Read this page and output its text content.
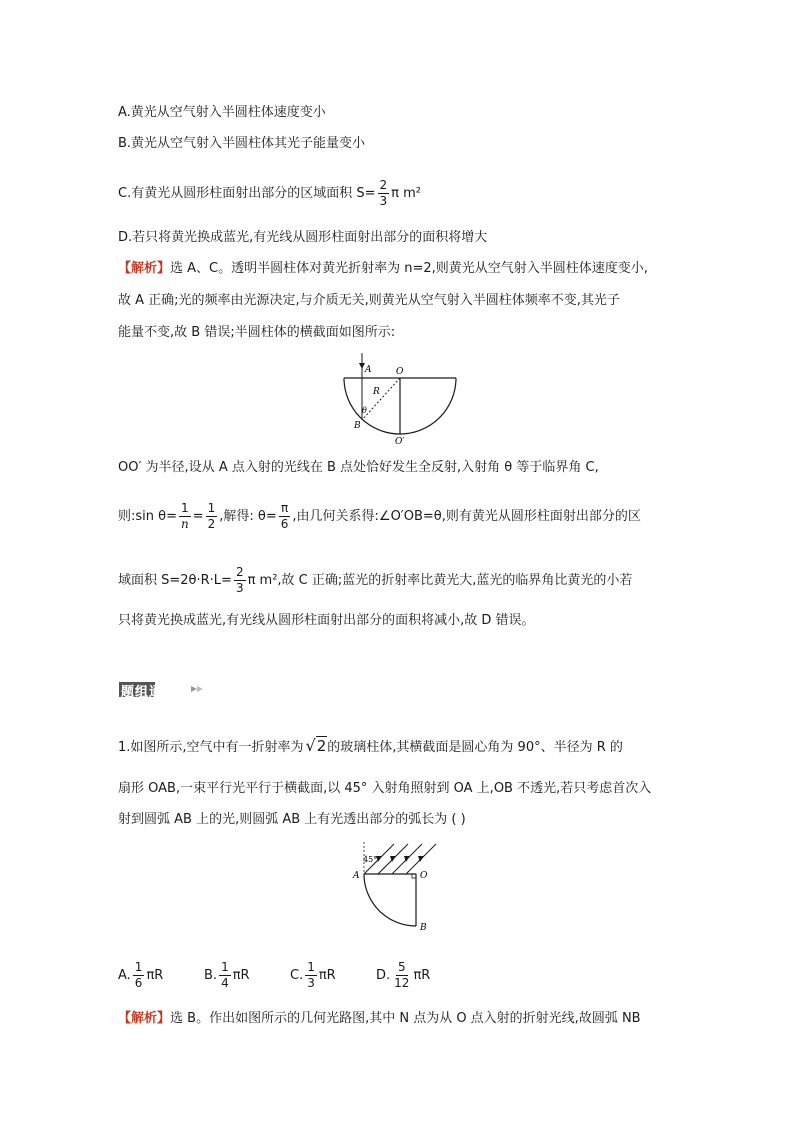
A.黄光从空气射入半圆柱体速度变小
B.黄光从空气射入半圆柱体其光子能量变小
C.有黄光从圆形柱面射出部分的区域面积 $S= \frac{2}{3}$ π m²
D.若只将黄光换成蓝光,有光线从圆形柱面射出部分的面积将增大
【解析】选 A、C。透明半圆柱体对黄光折射率为 n=2,则黄光从空气射入半圆柱体速度变小,
故 A 正确;光的频率由光源决定,与介质无关,则黄光从空气射入半圆柱体频率不变,其光子
能量不变,故 B 错误;半圆柱体的横截面如图所示:
A	O
R
θ
B
O′
OO′ 为半径,设从 A 点入射的光线在 B 点处恰好发生全反射,入射角 θ 等于临界角 C,
则:sin $\theta= \frac{1}{n} = \frac{1}{2}$ ,解得: $\theta= \frac{\pi}{6}$ ,由几何关系得:∠O′OB=θ,则有黄光从圆形柱面射出部分的区
域面积 $S=2\theta\cdot R\cdot L= \frac{2}{3}$ π m²,故 C 正确;蓝光的折射率比黄光大,蓝光的临界角比黄光的小若
只将黄光换成蓝光,有光线从圆形柱面射出部分的面积将减小,故 D 错误。
题组通关
1.如图所示,空气中有一折射率为 √2的玻璃柱体,其横截面是圆心角为 90°、半径为 R 的
扇形 OAB,一束平行光平行于横截面,以 45° 入射角照射到 OA 上,OB 不透光,若只考虑首次入
射到圆弧 AB 上的光,则圆弧 AB 上有光透出部分的弧长为 ( )
45°
A	O
B
A. $\frac{1}{6}$ πR	B. $\frac{1}{4}$ πR	C. $\frac{1}{3}$ πR	D. $\frac{5}{12}$ πR
【解析】选 B。作出如图所示的几何光路图,其中 N 点为从 O 点入射的折射光线,故圆弧 NB
